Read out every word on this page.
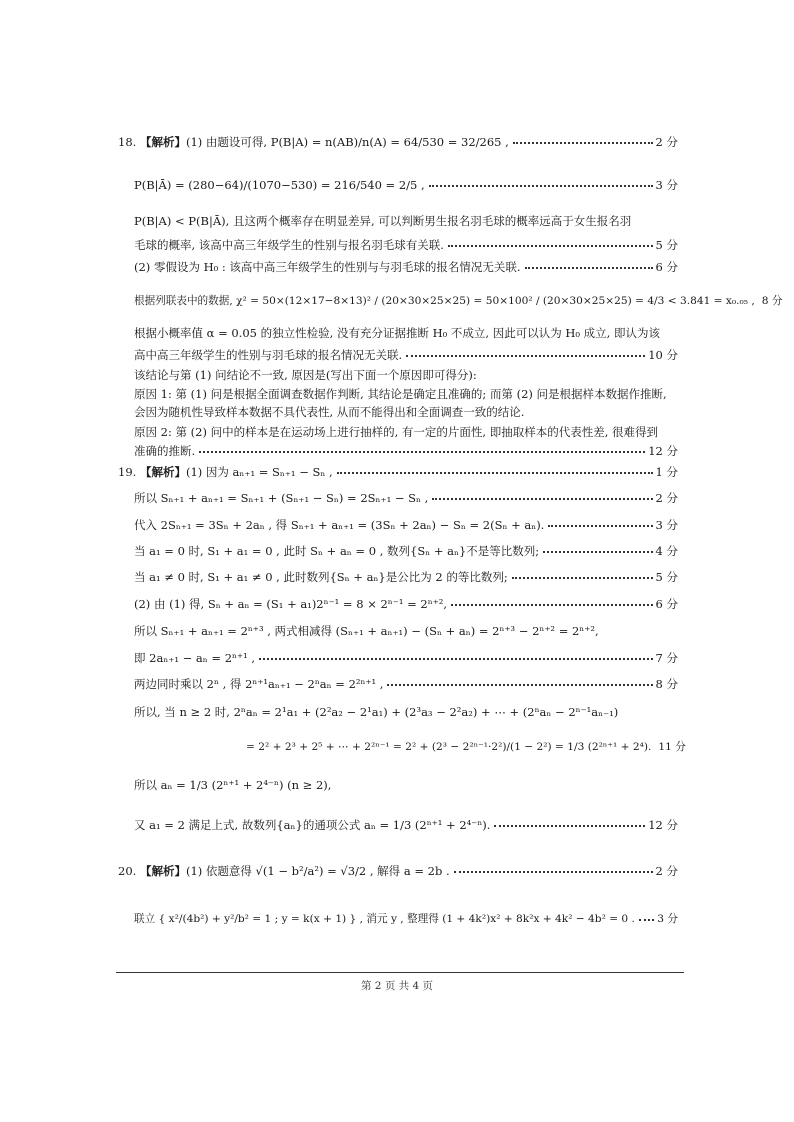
18. 【解析】(1) 由题设可得, P(B|A) = n(AB)/n(A) = 64/530 = 32/265 ,	2 分
P(B|Ā) = (280−64)/(1070−530) = 216/540 = 2/5 ,	3 分
P(B|A) < P(B|Ā), 且这两个概率存在明显差异, 可以判断男生报名羽毛球的概率远高于女生报名羽
毛球的概率, 该高中高三年级学生的性别与报名羽毛球有关联.	5 分
(2) 零假设为 H₀ : 该高中高三年级学生的性别与与羽毛球的报名情况无关联.	6 分
根据列联表中的数据, χ² = 50×(12×17−8×13)² / (20×30×25×25) = 50×100² / (20×30×25×25) = 4/3 < 3.841 = x₀.₀₅ , 8 分
根据小概率值 α = 0.05 的独立性检验, 没有充分证据推断 H₀ 不成立, 因此可以认为 H₀ 成立, 即认为该
高中高三年级学生的性别与羽毛球的报名情况无关联.	10 分
该结论与第 (1) 问结论不一致, 原因是(写出下面一个原因即可得分):
原因 1: 第 (1) 问是根据全面调查数据作判断, 其结论是确定且准确的; 而第 (2) 问是根据样本数据作推断,
会因为随机性导致样本数据不具代表性, 从而不能得出和全面调查一致的结论.
原因 2: 第 (2) 问中的样本是在运动场上进行抽样的, 有一定的片面性, 即抽取样本的代表性差, 很难得到
准确的推断.	12 分
19. 【解析】(1) 因为 aₙ₊₁ = Sₙ₊₁ − Sₙ ,	1 分
所以 Sₙ₊₁ + aₙ₊₁ = Sₙ₊₁ + (Sₙ₊₁ − Sₙ) = 2Sₙ₊₁ − Sₙ ,	2 分
代入 2Sₙ₊₁ = 3Sₙ + 2aₙ , 得 Sₙ₊₁ + aₙ₊₁ = (3Sₙ + 2aₙ) − Sₙ = 2(Sₙ + aₙ).	3 分
当 a₁ = 0 时, S₁ + a₁ = 0 , 此时 Sₙ + aₙ = 0 , 数列{Sₙ + aₙ}不是等比数列;	4 分
当 a₁ ≠ 0 时, S₁ + a₁ ≠ 0 , 此时数列{Sₙ + aₙ}是公比为 2 的等比数列;	5 分
(2) 由 (1) 得, Sₙ + aₙ = (S₁ + a₁)2ⁿ⁻¹ = 8 × 2ⁿ⁻¹ = 2ⁿ⁺²,	6 分
所以 Sₙ₊₁ + aₙ₊₁ = 2ⁿ⁺³ , 两式相减得 (Sₙ₊₁ + aₙ₊₁) − (Sₙ + aₙ) = 2ⁿ⁺³ − 2ⁿ⁺² = 2ⁿ⁺²,
即 2aₙ₊₁ − aₙ = 2ⁿ⁺¹ ,	7 分
两边同时乘以 2ⁿ , 得 2ⁿ⁺¹aₙ₊₁ − 2ⁿaₙ = 2²ⁿ⁺¹ ,	8 分
所以, 当 n ≥ 2 时, 2ⁿaₙ = 2¹a₁ + (2²a₂ − 2¹a₁) + (2³a₃ − 2²a₂) + ⋯ + (2ⁿaₙ − 2ⁿ⁻¹aₙ₋₁)
= 2² + 2³ + 2⁵ + ⋯ + 2²ⁿ⁻¹ = 2² + (2³ − 2²ⁿ⁻¹·2²)/(1 − 2²) = 1/3 (2²ⁿ⁺¹ + 2⁴). 11 分
所以 aₙ = 1/3 (2ⁿ⁺¹ + 2⁴⁻ⁿ) (n ≥ 2),
又 a₁ = 2 满足上式, 故数列{aₙ}的通项公式 aₙ = 1/3 (2ⁿ⁺¹ + 2⁴⁻ⁿ).	12 分
20. 【解析】(1) 依题意得 √(1 − b²/a²) = √3/2 , 解得 a = 2b .	2 分
联立 { x²/(4b²) + y²/b² = 1 ; y = k(x + 1) } , 消元 y , 整理得 (1 + 4k²)x² + 8k²x + 4k² − 4b² = 0 . 3 分
第 2 页 共 4 页
